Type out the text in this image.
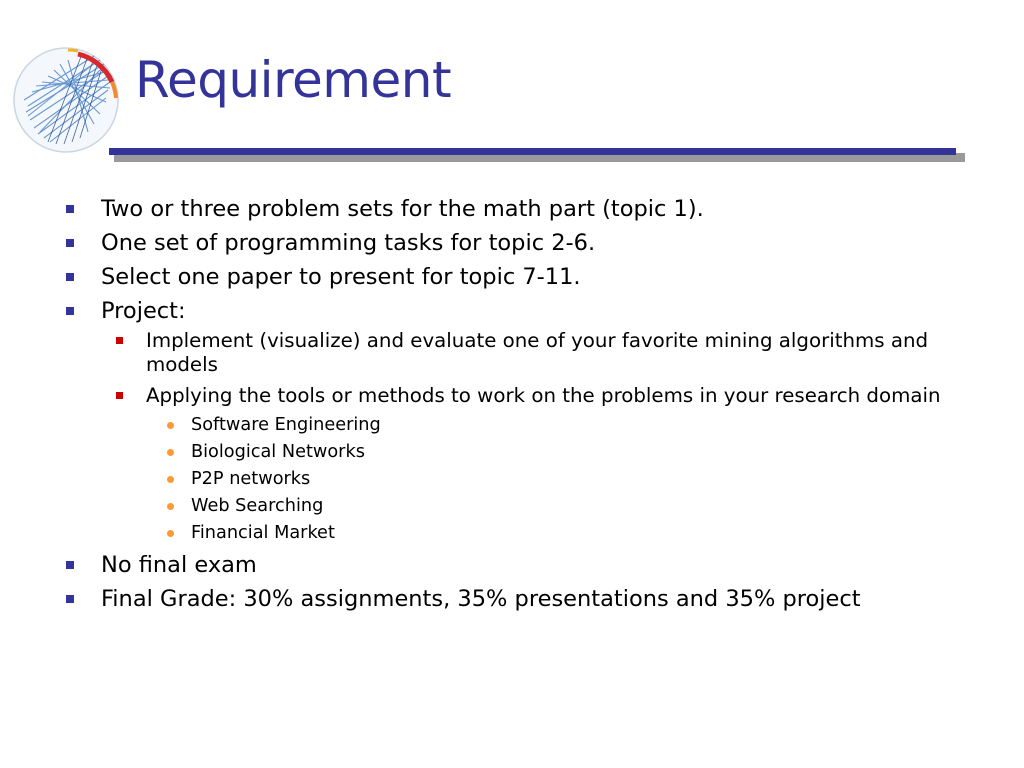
Requirement
Two or three problem sets for the math part (topic 1).
One set of programming tasks for topic 2-6.
Select one paper to present for topic 7-11.
Project:
Implement (visualize) and evaluate one of your favorite mining algorithms and models
Applying the tools or methods to work on the problems in your research domain
Software Engineering
Biological Networks
P2P networks
Web Searching
Financial Market
No final exam
Final Grade: 30% assignments, 35% presentations and 35% project
